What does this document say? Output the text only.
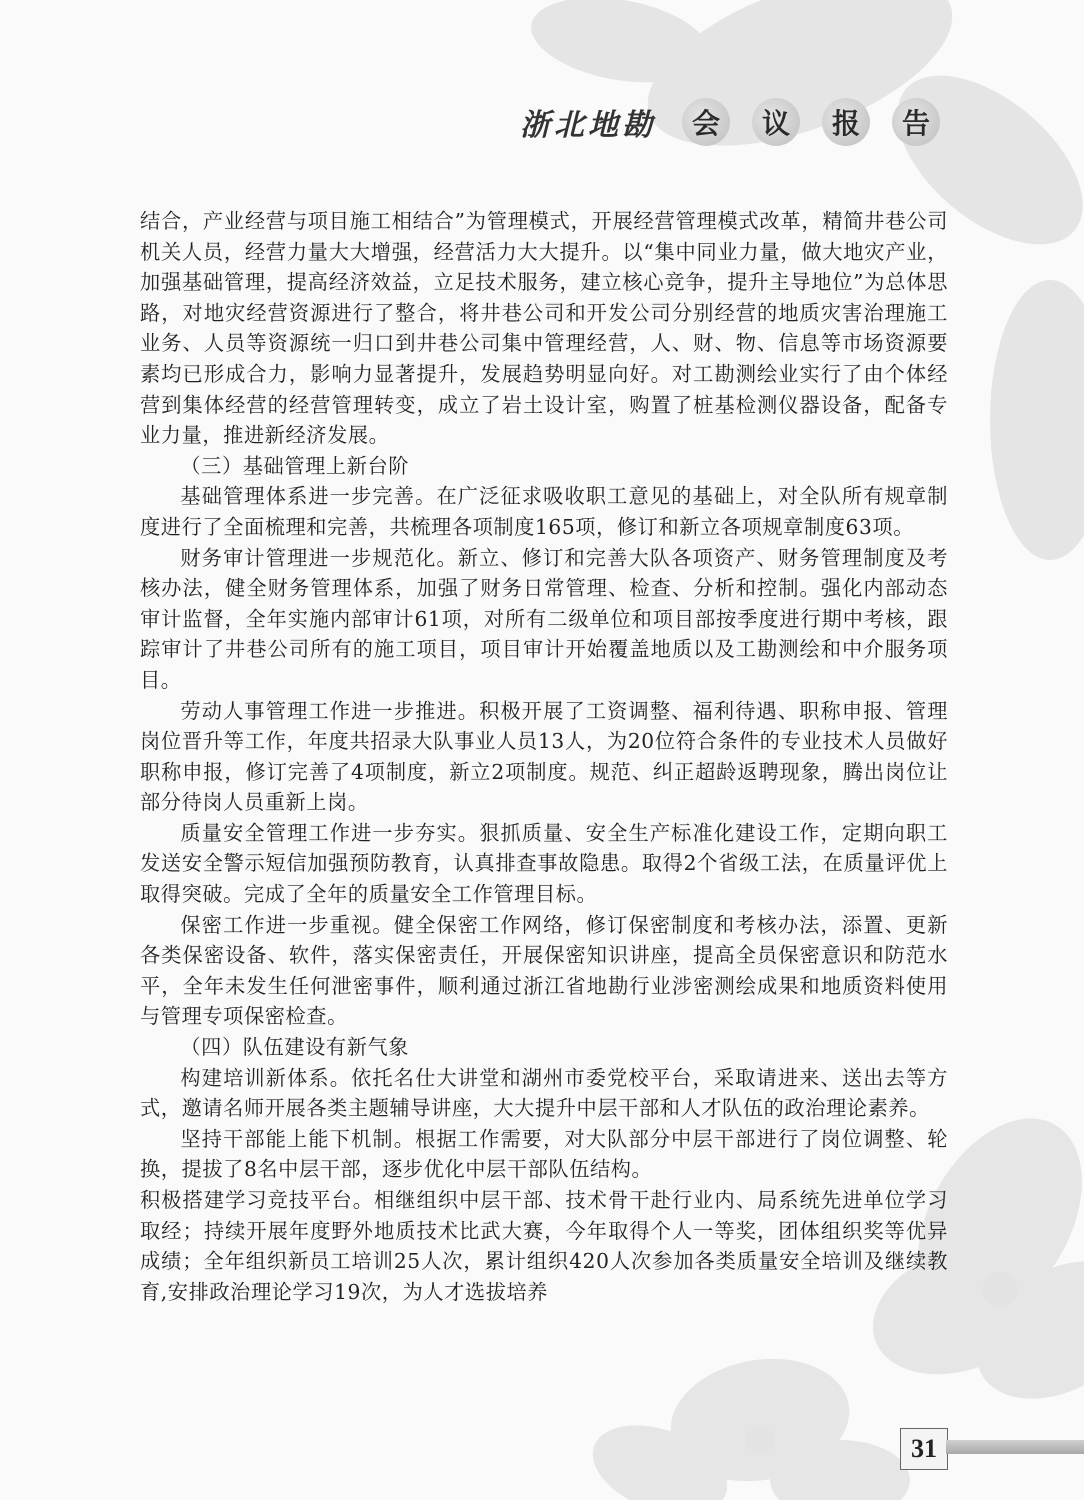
浙北地勘	会	议	报	告

结合，产业经营与项目施工相结合”为管理模式，开展经营管理模式改革，精简井巷公司机关人员，经营力量大大增强，经营活力大大提升。以“集中同业力量，做大地灾产业，加强基础管理，提高经济效益，立足技术服务，建立核心竞争，提升主导地位”为总体思路，对地灾经营资源进行了整合，将井巷公司和开发公司分别经营的地质灾害治理施工业务、人员等资源统一归口到井巷公司集中管理经营，人、财、物、信息等市场资源要素均已形成合力，影响力显著提升，发展趋势明显向好。对工勘测绘业实行了由个体经营到集体经营的经营管理转变，成立了岩土设计室，购置了桩基检测仪器设备，配备专业力量，推进新经济发展。

（三）基础管理上新台阶

基础管理体系进一步完善。在广泛征求吸收职工意见的基础上，对全队所有规章制度进行了全面梳理和完善，共梳理各项制度165项，修订和新立各项规章制度63项。

财务审计管理进一步规范化。新立、修订和完善大队各项资产、财务管理制度及考核办法，健全财务管理体系，加强了财务日常管理、检查、分析和控制。强化内部动态审计监督，全年实施内部审计61项，对所有二级单位和项目部按季度进行期中考核，跟踪审计了井巷公司所有的施工项目，项目审计开始覆盖地质以及工勘测绘和中介服务项目。

劳动人事管理工作进一步推进。积极开展了工资调整、福利待遇、职称申报、管理岗位晋升等工作，年度共招录大队事业人员13人，为20位符合条件的专业技术人员做好职称申报，修订完善了4项制度，新立2项制度。规范、纠正超龄返聘现象，腾出岗位让部分待岗人员重新上岗。

质量安全管理工作进一步夯实。狠抓质量、安全生产标准化建设工作，定期向职工发送安全警示短信加强预防教育，认真排查事故隐患。取得2个省级工法，在质量评优上取得突破。完成了全年的质量安全工作管理目标。

保密工作进一步重视。健全保密工作网络，修订保密制度和考核办法，添置、更新各类保密设备、软件，落实保密责任，开展保密知识讲座，提高全员保密意识和防范水平，全年未发生任何泄密事件，顺利通过浙江省地勘行业涉密测绘成果和地质资料使用与管理专项保密检查。

（四）队伍建设有新气象

构建培训新体系。依托名仕大讲堂和湖州市委党校平台，采取请进来、送出去等方式，邀请名师开展各类主题辅导讲座，大大提升中层干部和人才队伍的政治理论素养。

坚持干部能上能下机制。根据工作需要，对大队部分中层干部进行了岗位调整、轮换，提拔了8名中层干部，逐步优化中层干部队伍结构。

积极搭建学习竞技平台。相继组织中层干部、技术骨干赴行业内、局系统先进单位学习取经；持续开展年度野外地质技术比武大赛，今年取得个人一等奖，团体组织奖等优异成绩；全年组织新员工培训25人次，累计组织420人次参加各类质量安全培训及继续教育,安排政治理论学习19次，为人才选拔培养

31
